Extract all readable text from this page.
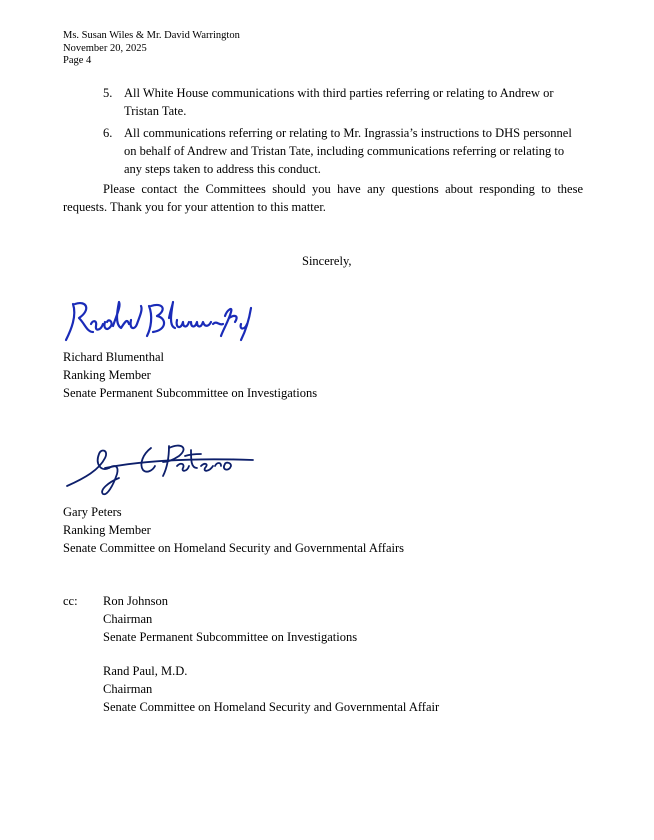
Ms. Susan Wiles & Mr. David Warrington
November 20, 2025
Page 4
5. All White House communications with third parties referring or relating to Andrew or Tristan Tate.
6. All communications referring or relating to Mr. Ingrassia’s instructions to DHS personnel on behalf of Andrew and Tristan Tate, including communications referring or relating to any steps taken to address this conduct.
Please contact the Committees should you have any questions about responding to these requests. Thank you for your attention to this matter.
Sincerely,
Richard Blumenthal
Ranking Member
Senate Permanent Subcommittee on Investigations
Gary Peters
Ranking Member
Senate Committee on Homeland Security and Governmental Affairs
cc: Ron Johnson
Chairman
Senate Permanent Subcommittee on Investigations
Rand Paul, M.D.
Chairman
Senate Committee on Homeland Security and Governmental Affair
